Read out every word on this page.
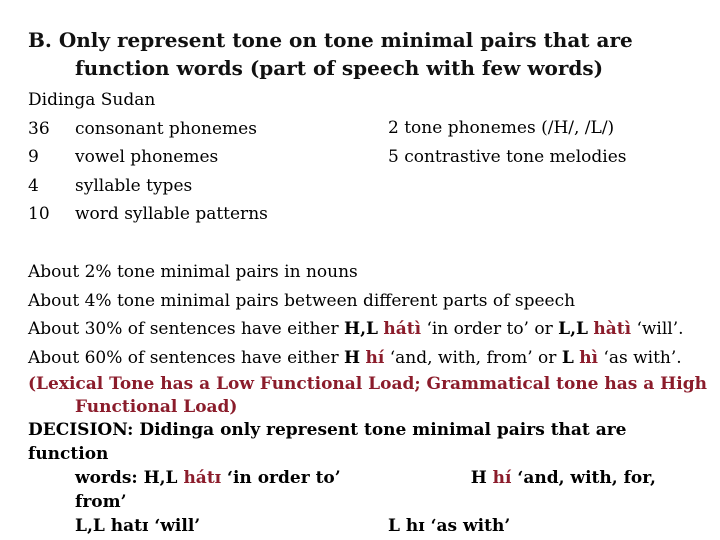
B. Only represent tone on tone minimal pairs that are
function words (part of speech with few words)
Didinga Sudan
36 consonant phonemes
9 vowel phonemes
4 syllable types
10 word syllable patterns
2 tone phonemes (/H/, /L/)
5 contrastive tone melodies
About 2% tone minimal pairs in nouns
About 4% tone minimal pairs between different parts of speech
About 30% of sentences have either H,L hátì ‘in order to’ or L,L hàtì ‘will’.
About 60% of sentences have either H hí ‘and, with, from’ or L hì ‘as with’.
(Lexical Tone has a Low Functional Load; Grammatical tone has a High
Functional Load)
DECISION: Didinga only represent tone minimal pairs that are function
words: H,L hátɪ ‘in order to’	H hí ‘and, with, for,
from’
L,L hatɪ ‘will’	L hɪ ‘as with’
